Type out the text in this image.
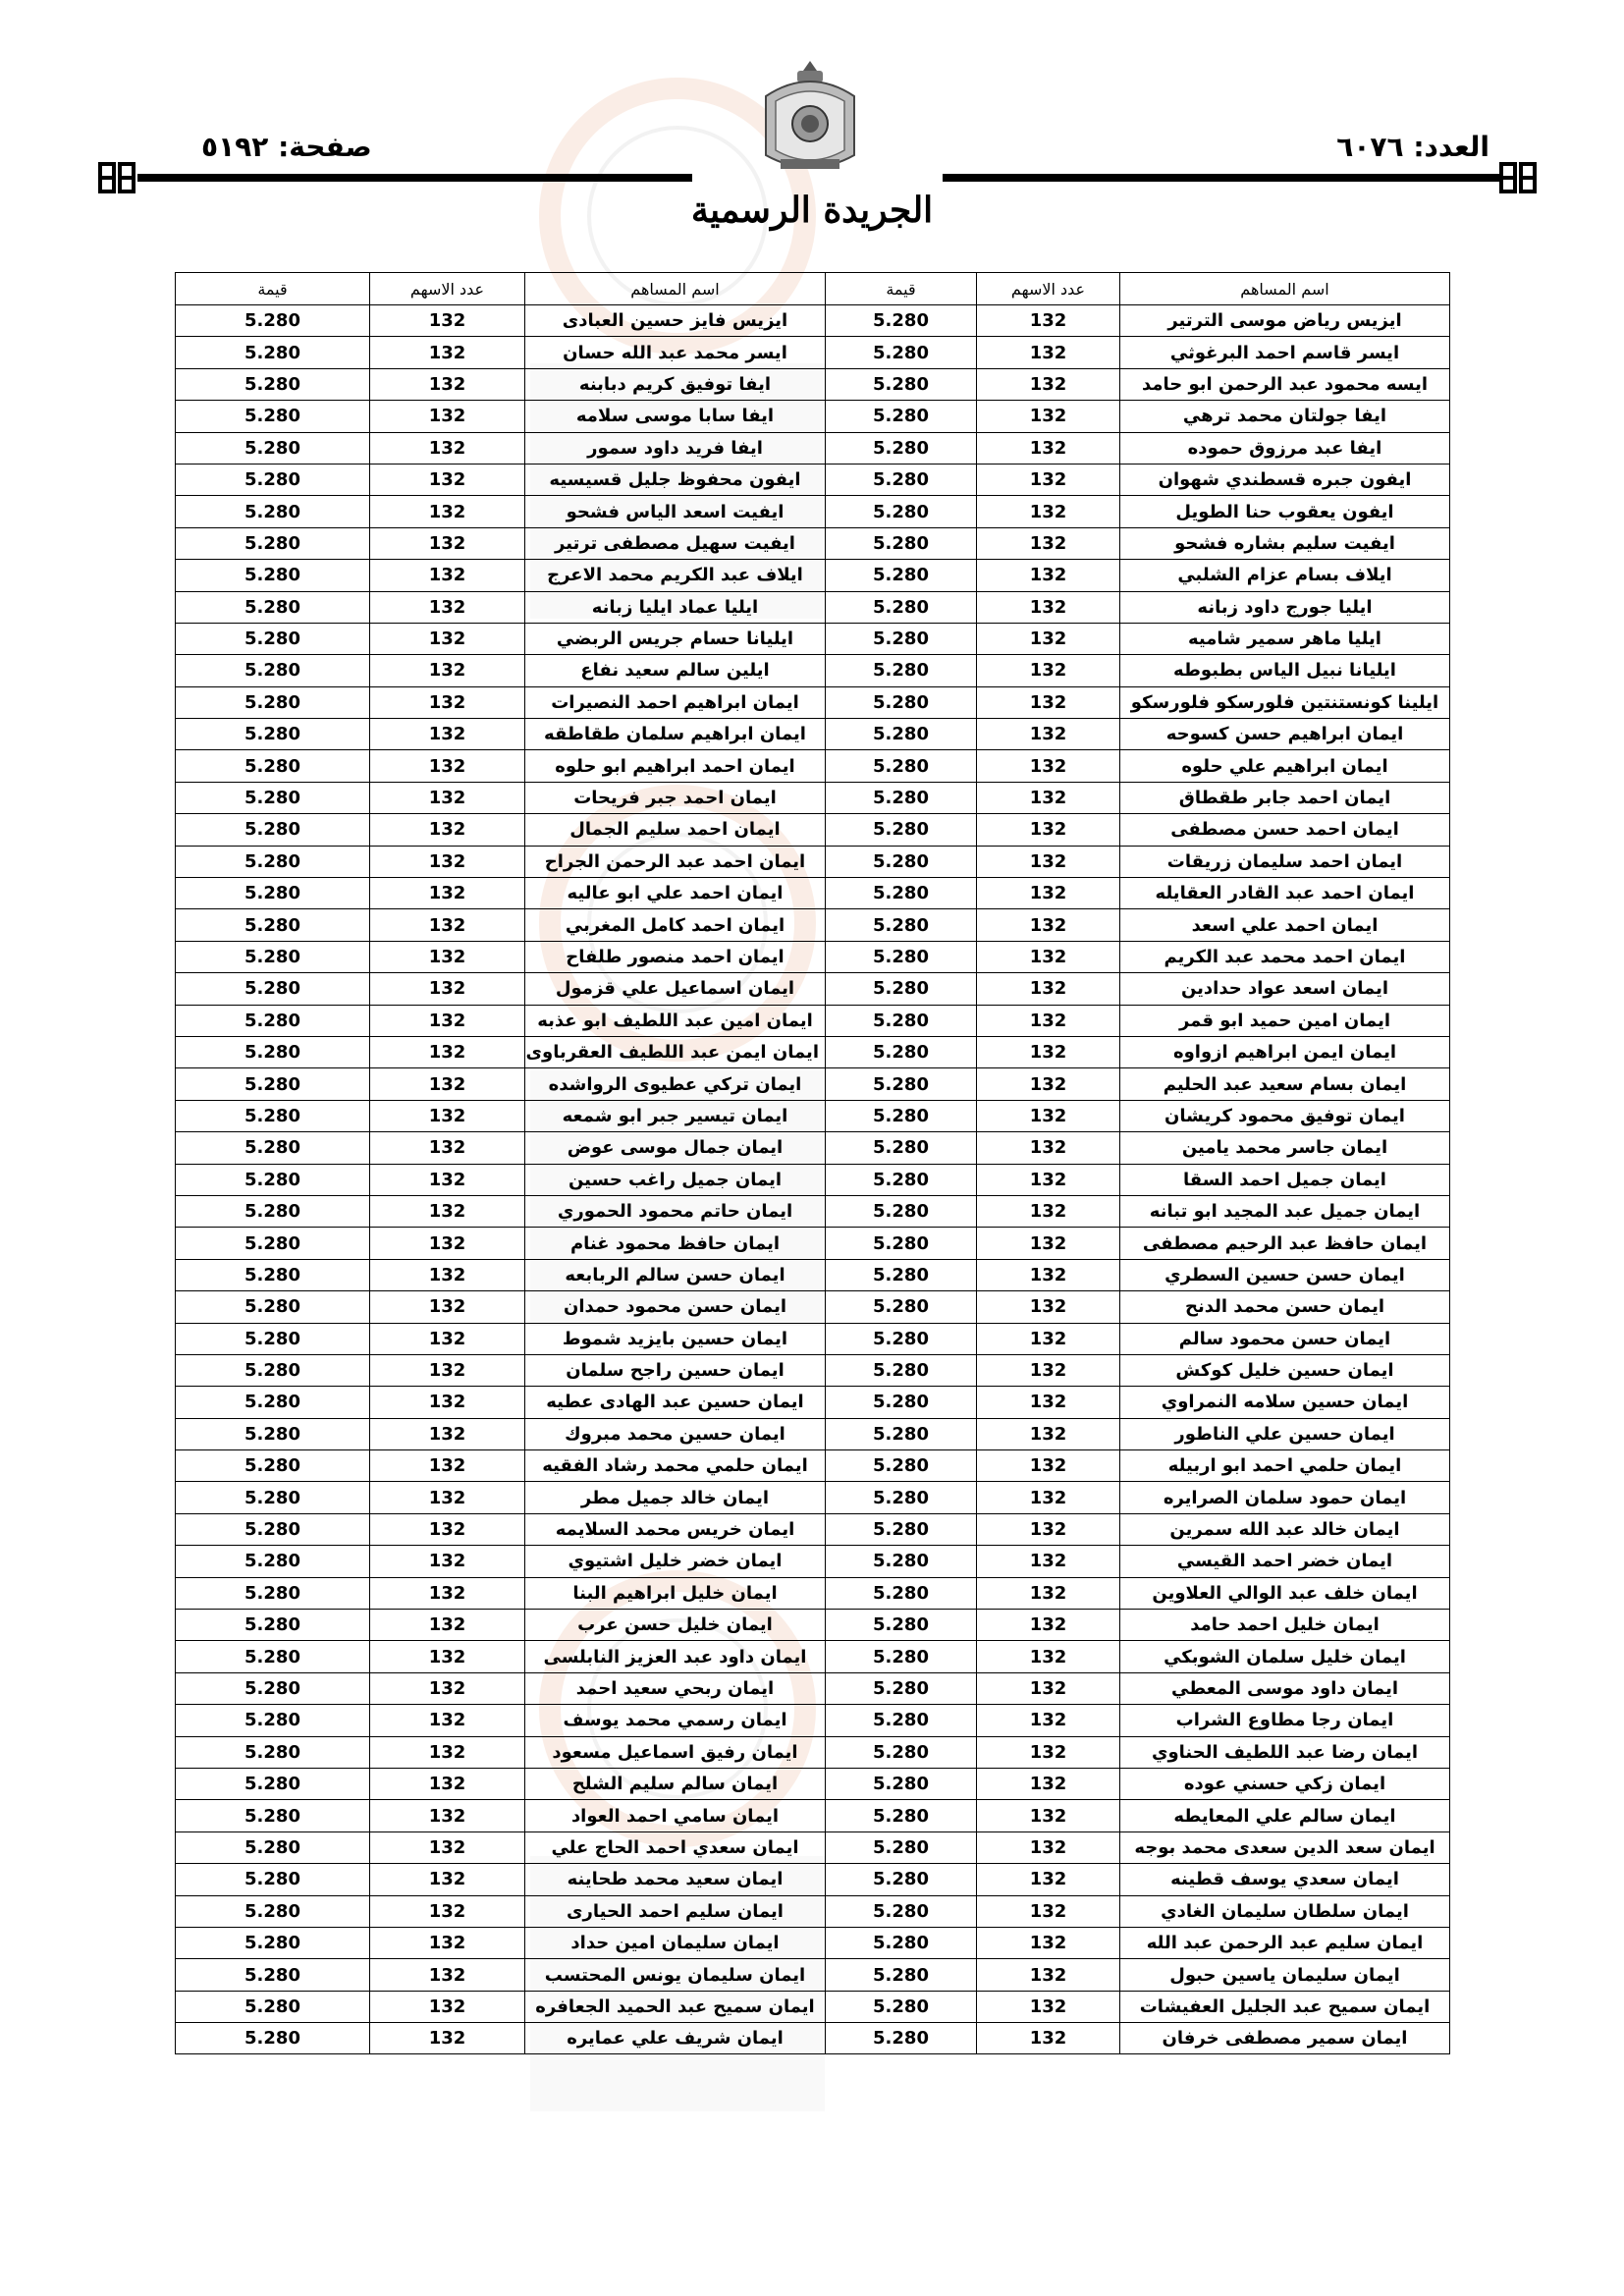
العدد: ٦٠٧٦
صفحة: ٥١٩٢
الجريدة الرسمية
اسم المساهم	عدد الاسهم	قيمة	اسم المساهم	عدد الاسهم	قيمة
ايزيس رياض موسى الترتير	132	5.280	ايزيس فايز حسين العبادى	132	5.280
ايسر قاسم احمد البرغوثي	132	5.280	ايسر محمد عبد الله حسان	132	5.280
ايسه محمود عبد الرحمن ابو حامد	132	5.280	ايفا توفيق كريم دبابنه	132	5.280
ايفا جولتان محمد ترهي	132	5.280	ايفا سابا موسى سلامه	132	5.280
ايفا عبد مرزوق حموده	132	5.280	ايفا فريد داود سمور	132	5.280
ايفون جبره قسطندي شهوان	132	5.280	ايفون محفوظ جليل قسيسيه	132	5.280
ايفون يعقوب حنا الطويل	132	5.280	ايفيت اسعد الياس فشحو	132	5.280
ايفيت سليم بشاره فشحو	132	5.280	ايفيت سهيل مصطفى ترتير	132	5.280
ايلاف بسام عزام الشلبي	132	5.280	ايلاف عبد الكريم محمد الاعرج	132	5.280
ايليا جورج داود زبانه	132	5.280	ايليا عماد ايليا زبانه	132	5.280
ايليا ماهر سمير شاميه	132	5.280	ايليانا حسام جريس الربضي	132	5.280
ايليانا نبيل الياس بطبوطه	132	5.280	ايلين سالم سعيد نفاع	132	5.280
ايلينا كونستنتين فلورسكو فلورسكو	132	5.280	ايمان ابراهيم احمد النصيرات	132	5.280
ايمان ابراهيم حسن كسوحه	132	5.280	ايمان ابراهيم سلمان طقاطقه	132	5.280
ايمان ابراهيم علي حلوه	132	5.280	ايمان احمد ابراهيم ابو حلوه	132	5.280
ايمان احمد جابر طقطاق	132	5.280	ايمان احمد جبر فريحات	132	5.280
ايمان احمد حسن مصطفى	132	5.280	ايمان احمد سليم الجمال	132	5.280
ايمان احمد سليمان زريقات	132	5.280	ايمان احمد عبد الرحمن الجراح	132	5.280
ايمان احمد عبد القادر العقايله	132	5.280	ايمان احمد علي ابو عاليه	132	5.280
ايمان احمد علي اسعد	132	5.280	ايمان احمد كامل المغربي	132	5.280
ايمان احمد محمد عبد الكريم	132	5.280	ايمان احمد منصور طلفاح	132	5.280
ايمان اسعد عواد حدادين	132	5.280	ايمان اسماعيل علي قزمول	132	5.280
ايمان امين حميد ابو قمر	132	5.280	ايمان امين عبد اللطيف ابو عذبه	132	5.280
ايمان ايمن ابراهيم ازواوه	132	5.280	ايمان ايمن عبد اللطيف العقرباوى	132	5.280
ايمان بسام سعيد عبد الحليم	132	5.280	ايمان تركي عطيوى الرواشده	132	5.280
ايمان توفيق محمود كريشان	132	5.280	ايمان تيسير جبر ابو شمعه	132	5.280
ايمان جاسر محمد يامين	132	5.280	ايمان جمال موسى عوض	132	5.280
ايمان جميل احمد السقا	132	5.280	ايمان جميل راغب حسين	132	5.280
ايمان جميل عبد المجيد ابو تبانه	132	5.280	ايمان حاتم محمود الحموري	132	5.280
ايمان حافظ عبد الرحيم مصطفى	132	5.280	ايمان حافظ محمود غنام	132	5.280
ايمان حسن حسين السطري	132	5.280	ايمان حسن سالم الربابعه	132	5.280
ايمان حسن محمد الدنح	132	5.280	ايمان حسن محمود حمدان	132	5.280
ايمان حسن محمود سالم	132	5.280	ايمان حسين بايزيد شموط	132	5.280
ايمان حسين خليل كوكش	132	5.280	ايمان حسين راجح سلمان	132	5.280
ايمان حسين سلامه النمراوي	132	5.280	ايمان حسين عبد الهادى عطيه	132	5.280
ايمان حسين علي الناطور	132	5.280	ايمان حسين محمد مبروك	132	5.280
ايمان حلمي احمد ابو اربيله	132	5.280	ايمان حلمي محمد رشاد الفقيه	132	5.280
ايمان حمود سلمان الصرايره	132	5.280	ايمان خالد جميل مطر	132	5.280
ايمان خالد عبد الله سمرين	132	5.280	ايمان خريس محمد السلايمه	132	5.280
ايمان خضر احمد القيسي	132	5.280	ايمان خضر خليل اشتيوي	132	5.280
ايمان خلف عبد الوالي العلاوين	132	5.280	ايمان خليل ابراهيم البنا	132	5.280
ايمان خليل احمد حامد	132	5.280	ايمان خليل حسن عرب	132	5.280
ايمان خليل سلمان الشوبكي	132	5.280	ايمان داود عبد العزيز النابلسى	132	5.280
ايمان داود موسى المعطي	132	5.280	ايمان ربحي سعيد احمد	132	5.280
ايمان رجا مطاوع الشراب	132	5.280	ايمان رسمي محمد يوسف	132	5.280
ايمان رضا عبد اللطيف الحناوي	132	5.280	ايمان رفيق اسماعيل مسعود	132	5.280
ايمان زكي حسني عوده	132	5.280	ايمان سالم سليم الشلح	132	5.280
ايمان سالم علي المعايطه	132	5.280	ايمان سامي احمد العواد	132	5.280
ايمان سعد الدين سعدى محمد بوجه	132	5.280	ايمان سعدي احمد الحاج علي	132	5.280
ايمان سعدي يوسف قطينه	132	5.280	ايمان سعيد محمد طحاينه	132	5.280
ايمان سلطان سليمان الغادي	132	5.280	ايمان سليم احمد الحيارى	132	5.280
ايمان سليم عبد الرحمن عبد الله	132	5.280	ايمان سليمان امين حداد	132	5.280
ايمان سليمان ياسين حبول	132	5.280	ايمان سليمان يونس المحتسب	132	5.280
ايمان سميح عبد الجليل العفيشات	132	5.280	ايمان سميح عبد الحميد الجعافره	132	5.280
ايمان سمير مصطفى خرفان	132	5.280	ايمان شريف علي عمايره	132	5.280
